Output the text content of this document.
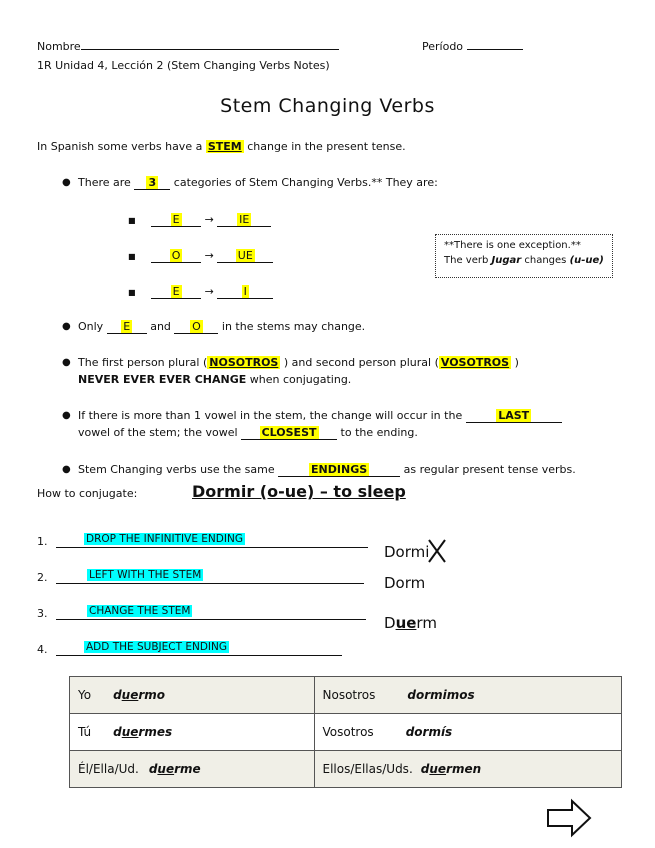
Nombre	Período
1R Unidad 4, Lección 2 (Stem Changing Verbs Notes)
Stem Changing Verbs
In Spanish some verbs have a STEM change in the present tense.
● There are 3 categories of Stem Changing Verbs.** They are:
■	E → IE
■	O → UE
■	E →	I
**There is one exception.**
The verb Jugar changes (u-ue)
● Only E and O in the stems may change.
● The first person plural ( NOSOTROS ) and second person plural ( VOSOTROS )
NEVER EVER EVER CHANGE when conjugating.
● If there is more than 1 vowel in the stem, the change will occur in the	LAST
vowel of the stem; the vowel CLOSEST to the ending.
● Stem Changing verbs use the same	ENDINGS	as regular present tense verbs.
How to conjugate:	Dormir (o-ue) – to sleep
1.	DROP THE INFINITIVE ENDING
Dormi
2.	LEFT WITH THE STEM	Dorm
3.	CHANGE THE STEM
Duerm
4.	ADD THE SUBJECT ENDING
Yo duermo	Nosotros dormimos
Tú duermes	Vosotros dormís
Él/Ella/Ud. duerme	Ellos/Ellas/Uds. duermen
